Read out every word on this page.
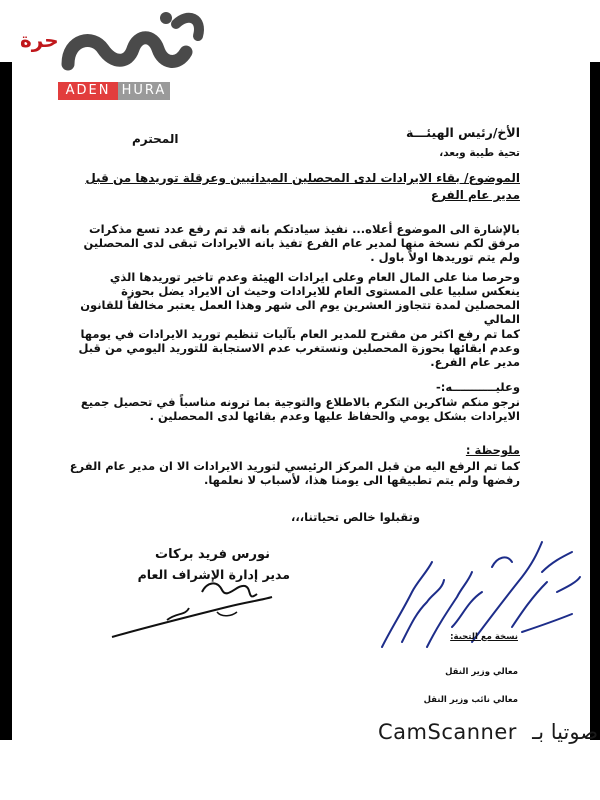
حرة
ADEN HURA
الأخ/رئيس الهيئـــة
المحترم
تحية طيبة وبعد،
الموضوع/ بقاء الايرادات لدى المحصلين الميدانيين وعرقلة توريدها من قبل مدير عام الفرع
بالإشارة الى الموضوع أعلاه... نفيذ سيادتكم بانه قد تم رفع عدد تسع مذكرات مرفق لكم نسخة منها لمدير عام الفرع تفيذ بانه الايرادات تبقى لدى المحصلين ولم يتم توريدها اولاً باول .
وحرصا منا على المال العام وعلى ايرادات الهيئة وعدم تاخير توريدها الذي ينعكس سلبيا على المستوى العام للايرادات وحيث ان الايراد يضل بحوزة المحصلين لمدة تتجاوز العشرين يوم الى شهر وهذا العمل يعتبر مخالفاً للقانون المالي
كما تم رفع اكثر من مقترح للمدير العام بآليات تنظيم توريد الايرادات في يومها وعدم ابقائها بحوزة المحصلين ونستغرب عدم الاستجابة للتوريد اليومي من قبل مدير عام الفرع.
وعليـــــــــــه:-
نرجو منكم شاكرين التكرم بالاطلاع والتوجية بما ترونه مناسباً في تحصيل جميع الايرادات بشكل يومي والحفاظ عليها وعدم بقائها لدى المحصلين .
ملوحظة :
كما تم الرفع اليه من قبل المركز الرئيسي لتوريد الايرادات الا ان مدير عام الفرع رفضها ولم يتم تطبيقها الى يومنا هذا، لأسباب لا نعلمها.
وتقبلوا خالص تحياتنا،،،
نورس فريد بركات
مدير إدارة الإشراف العام
نسخة مع التحية:
معالي وزير النقل
معالي نائب وزير النقل
CamScanner صوتيا بـ
